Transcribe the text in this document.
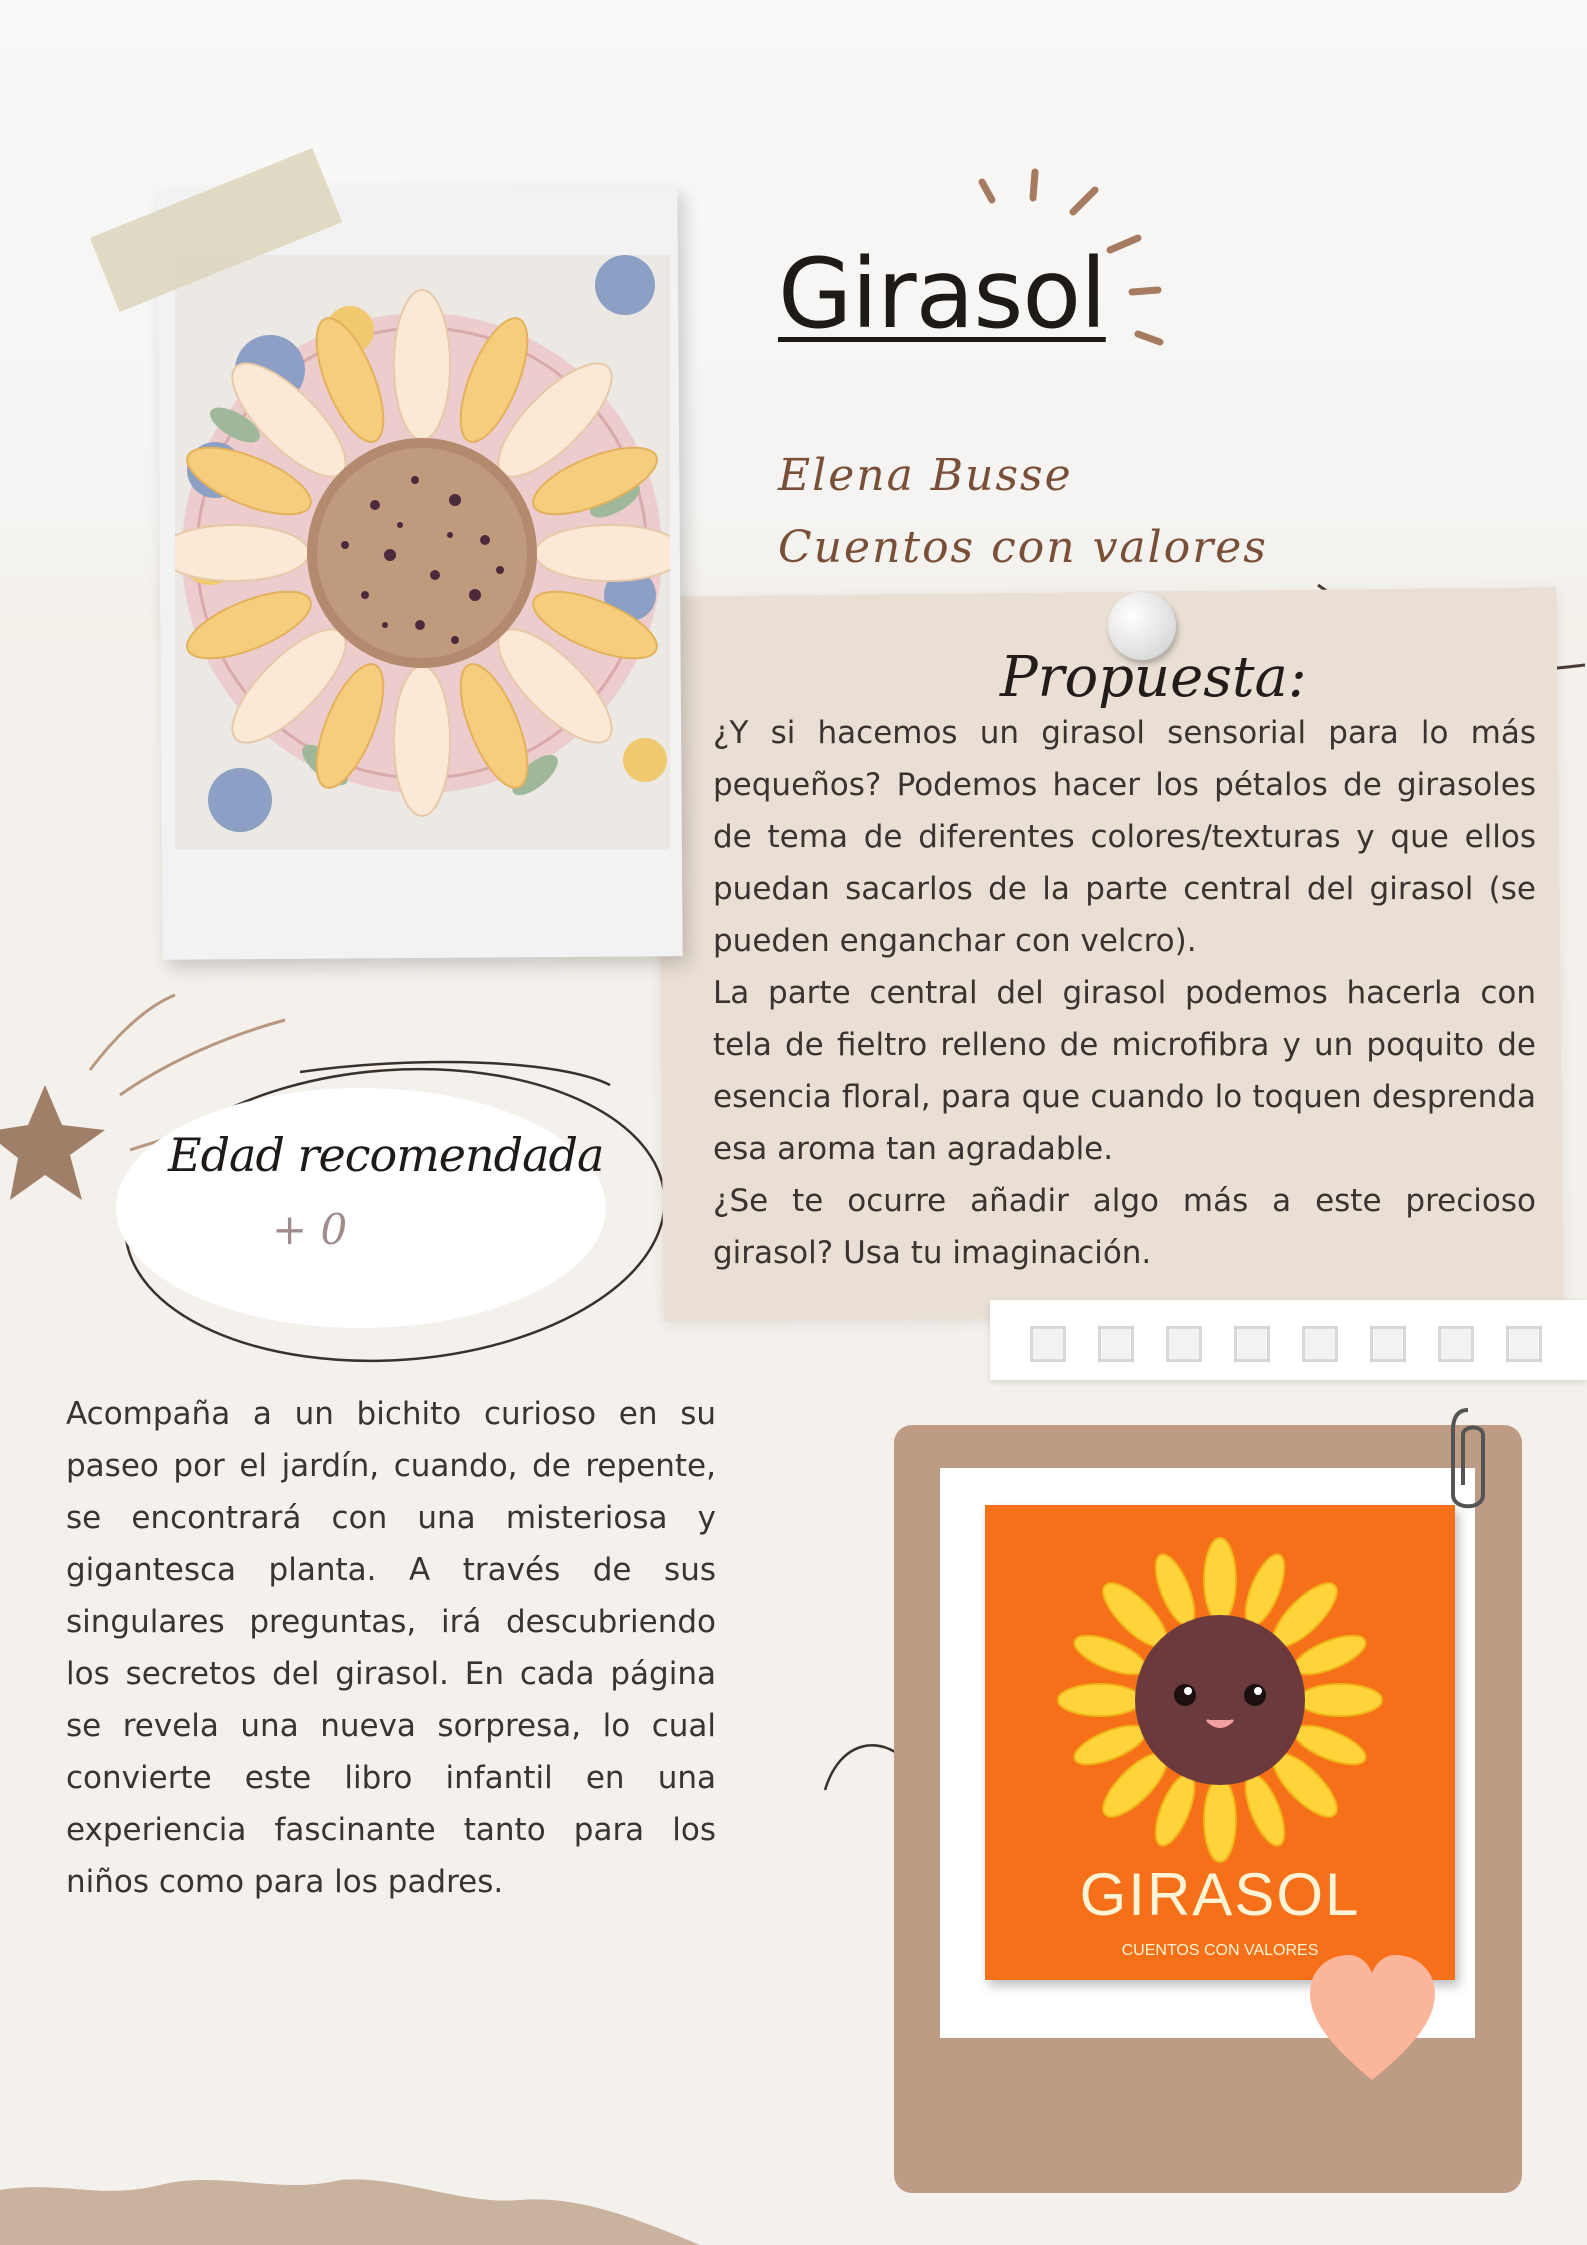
Propuesta:

¿Y si hacemos un girasol sensorial para lo más pequeños? Podemos hacer los pétalos de girasoles de tema de diferentes colores/texturas y que ellos puedan sacarlos de la parte central del girasol (se pueden enganchar con velcro).

La parte central del girasol podemos hacerla con tela de fieltro relleno de microfibra y un poquito de esencia floral, para que cuando lo toquen desprenda esa aroma tan agradable.

¿Se te ocurre añadir algo más a este precioso girasol? Usa tu imaginación.

Girasol
Elena Busse
Cuentos con valores
Edad recomendada
+ 0
Acompaña a un bichito curioso en su paseo por el jardín, cuando, de repente, se encontrará con una misteriosa y gigantesca planta. A través de sus singulares preguntas, irá descubriendo los secretos del girasol. En cada página se revela una nueva sorpresa, lo cual convierte este libro infantil en una experiencia fascinante tanto para los niños como para los padres.	GIRASOL
CUENTOS CON VALORES
